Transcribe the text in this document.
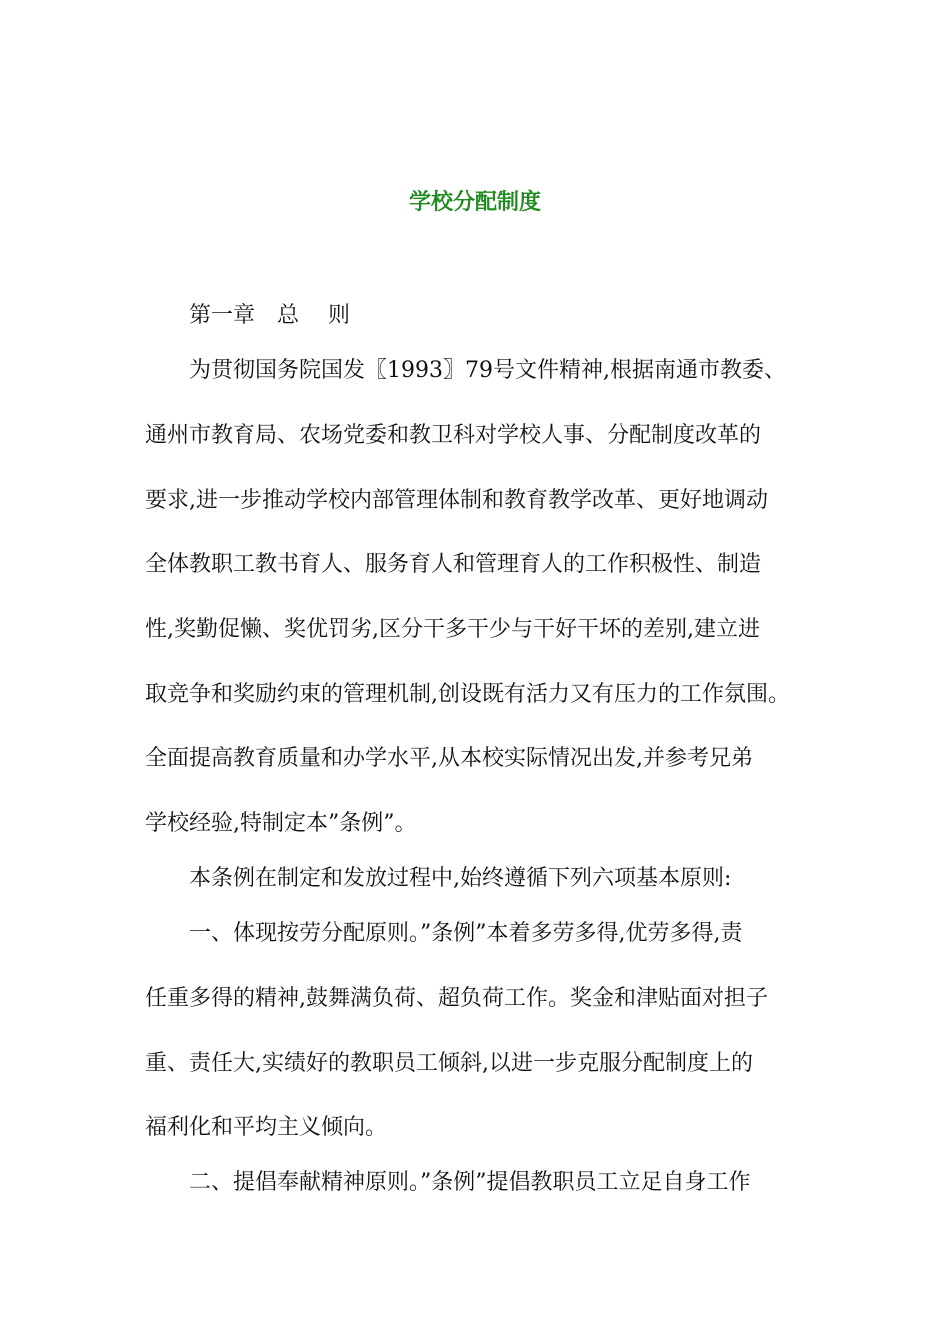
学校分配制度

　　第一章　总　 则

　　为贯彻国务院国发〖1993〗79号文件精神,根据南通市教委、

通州市教育局、农场党委和教卫科对学校人事、分配制度改革的

要求,进一步推动学校内部管理体制和教育教学改革、更好地调动

全体教职工教书育人、服务育人和管理育人的工作积极性、制造

性,奖勤促懒、奖优罚劣,区分干多干少与干好干坏的差别,建立进

取竞争和奖励约束的管理机制,创设既有活力又有压力的工作氛围。

全面提高教育质量和办学水平,从本校实际情况出发,并参考兄弟

学校经验,特制定本”条例”。

　　本条例在制定和发放过程中,始终遵循下列六项基本原则:

　　一、体现按劳分配原则。”条例”本着多劳多得,优劳多得,责

任重多得的精神,鼓舞满负荷、超负荷工作。奖金和津贴面对担子

重、责任大,实绩好的教职员工倾斜,以进一步克服分配制度上的

福利化和平均主义倾向。

　　二、提倡奉献精神原则。”条例”提倡教职员工立足自身工作
